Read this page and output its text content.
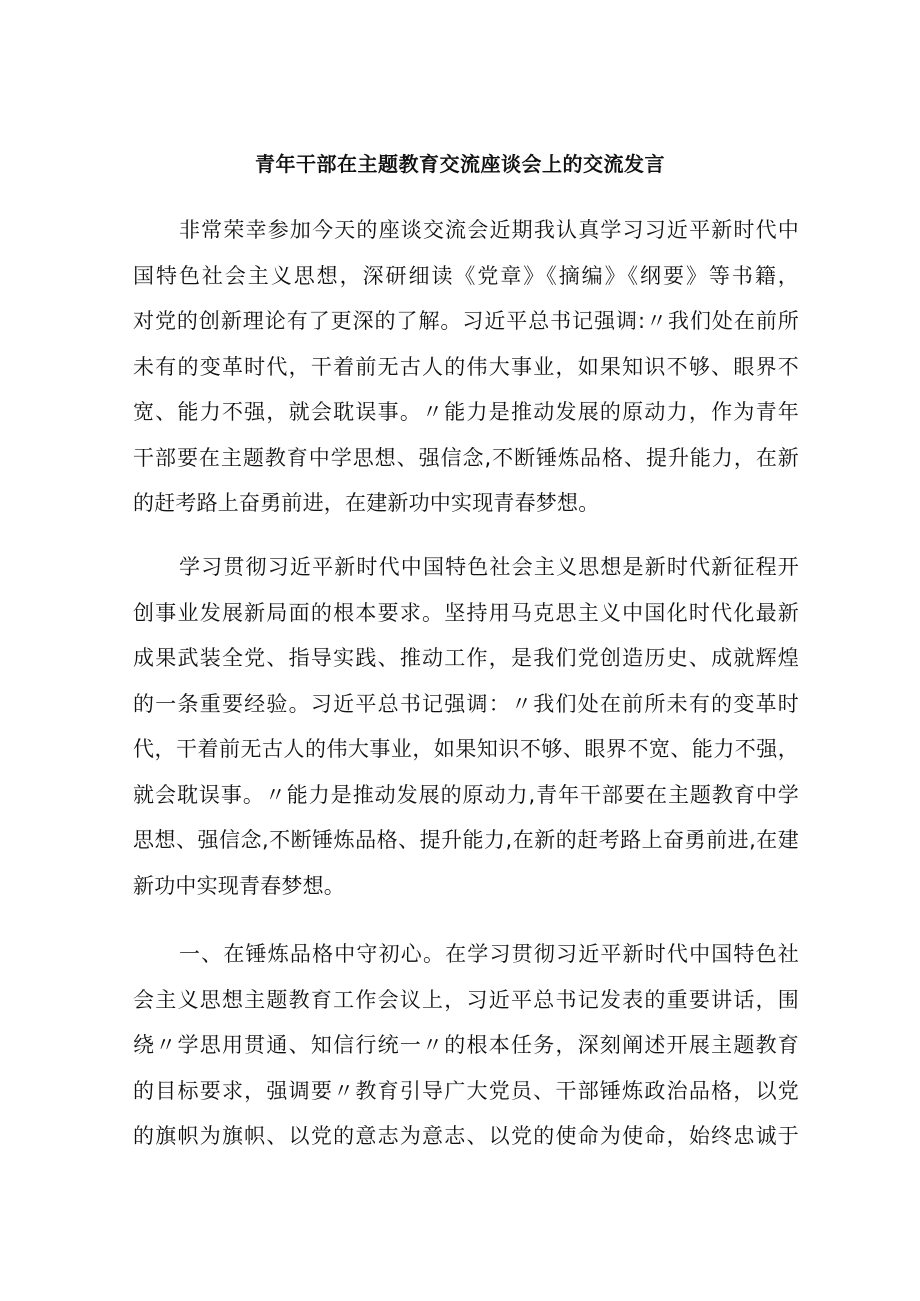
青年干部在主题教育交流座谈会上的交流发言

非常荣幸参加今天的座谈交流会近期我认真学习习近平新时代中
国特色社会主义思想，深研细读《党章》《摘编》《纲要》等书籍，
对党的创新理论有了更深的了解。习近平总书记强调:〃我们处在前所
未有的变革时代，干着前无古人的伟大事业，如果知识不够、眼界不
宽、能力不强，就会耽误事。〃能力是推动发展的原动力，作为青年
干部要在主题教育中学思想、强信念,不断锤炼品格、提升能力，在新
的赶考路上奋勇前进，在建新功中实现青春梦想。

学习贯彻习近平新时代中国特色社会主义思想是新时代新征程开
创事业发展新局面的根本要求。坚持用马克思主义中国化时代化最新
成果武装全党、指导实践、推动工作，是我们党创造历史、成就辉煌
的一条重要经验。习近平总书记强调：〃我们处在前所未有的变革时
代，干着前无古人的伟大事业，如果知识不够、眼界不宽、能力不强，
就会耽误事。〃能力是推动发展的原动力,青年干部要在主题教育中学
思想、强信念,不断锤炼品格、提升能力,在新的赶考路上奋勇前进,在建
新功中实现青春梦想。

一、在锤炼品格中守初心。在学习贯彻习近平新时代中国特色社
会主义思想主题教育工作会议上，习近平总书记发表的重要讲话，围
绕〃学思用贯通、知信行统一〃的根本任务，深刻阐述开展主题教育
的目标要求，强调要〃教育引导广大党员、干部锤炼政治品格，以党
的旗帜为旗帜、以党的意志为意志、以党的使命为使命，始终忠诚于
